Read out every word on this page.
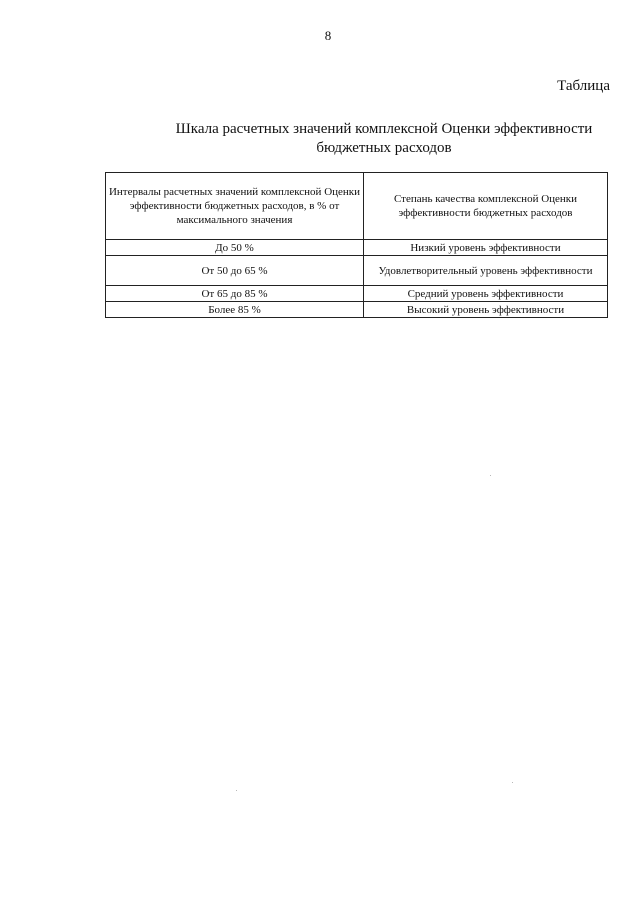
8
Таблица
Шкала расчетных значений комплексной Оценки эффективности бюджетных расходов
Интервалы расчетных значений комплексной Оценки эффективности бюджетных расходов, в % от максимального значения	Степань качества комплексной Оценки эффективности бюджетных расходов
До 50 %	Низкий уровень эффективности
От 50 до 65 %	Удовлетворительный уровень эффективности
От 65 до 85 %	Средний уровень эффективности
Более 85 %	Высокий уровень эффективности
